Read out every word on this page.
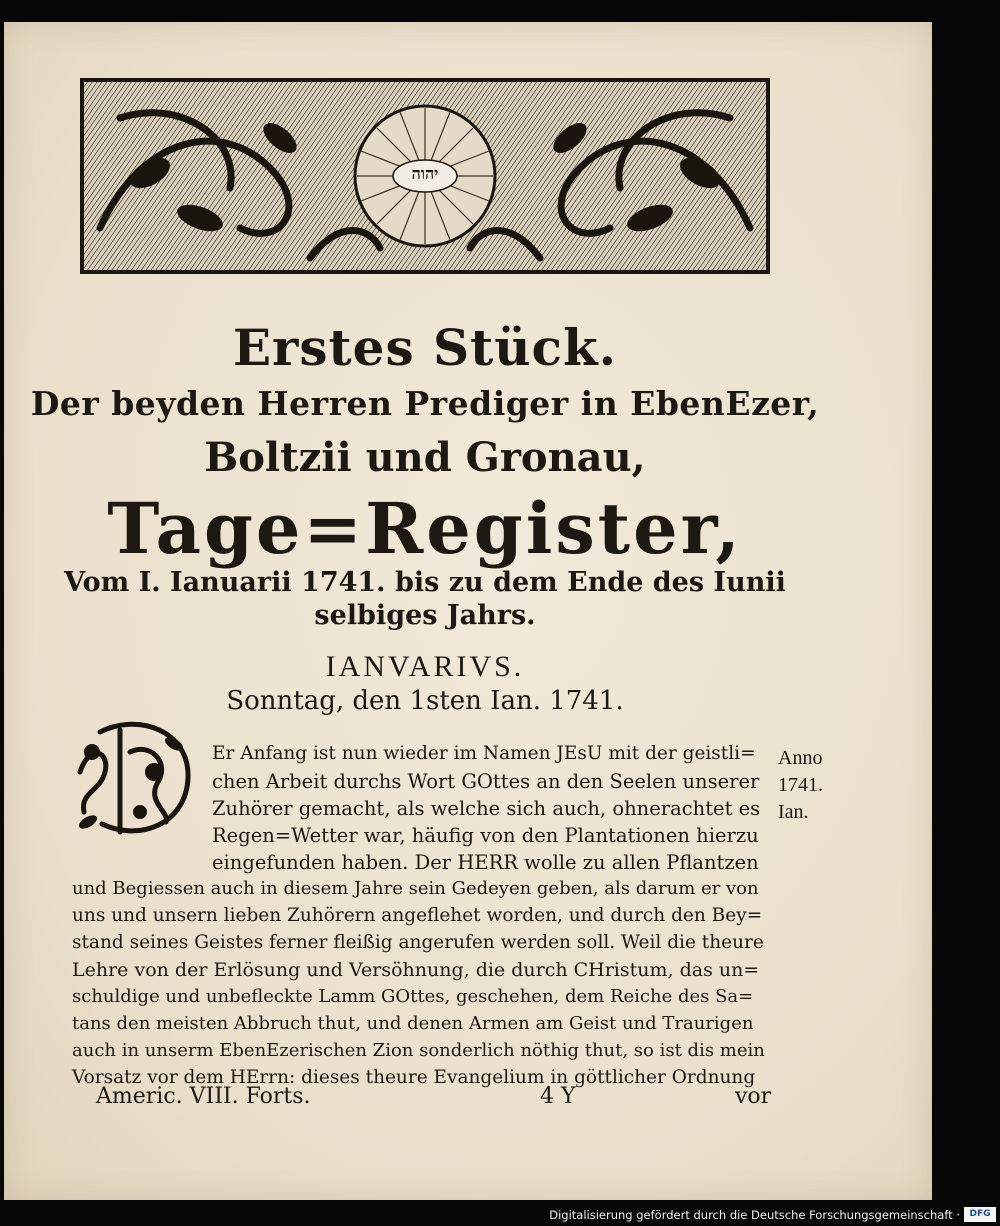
יהוה
Erstes Stück.
Der beyden Herren Prediger in EbenEzer,
Boltzii und Gronau,
Tage=Register,
Vom I. Ianuarii 1741. bis zu dem Ende des Iunii
selbiges Jahrs.
IANVARIVS.
Sonntag, den 1sten Ian. 1741.
Er Anfang ist nun wieder im Namen JEsU mit der geistli=
chen Arbeit durchs Wort GOttes an den Seelen unserer
Zuhörer gemacht, als welche sich auch, ohnerachtet es
Regen=Wetter war, häufig von den Plantationen hierzu
eingefunden haben. Der HERR wolle zu allen Pflantzen
und Begiessen auch in diesem Jahre sein Gedeyen geben, als darum er von
uns und unsern lieben Zuhörern angeflehet worden, und durch den Bey=
stand seines Geistes ferner fleißig angerufen werden soll. Weil die theure
Lehre von der Erlösung und Versöhnung, die durch CHristum, das un=
schuldige und unbefleckte Lamm GOttes, geschehen, dem Reiche des Sa=
tans den meisten Abbruch thut, und denen Armen am Geist und Traurigen
auch in unserm EbenEzerischen Zion sonderlich nöthig thut, so ist dis mein
Vorsatz vor dem HErrn: dieses theure Evangelium in göttlicher Ordnung
Anno
1741.
Ian.
Americ. VIII. Forts.	4 Y	vor
Digitalisierung gefördert durch die Deutsche Forschungsgemeinschaft ·	DFG
